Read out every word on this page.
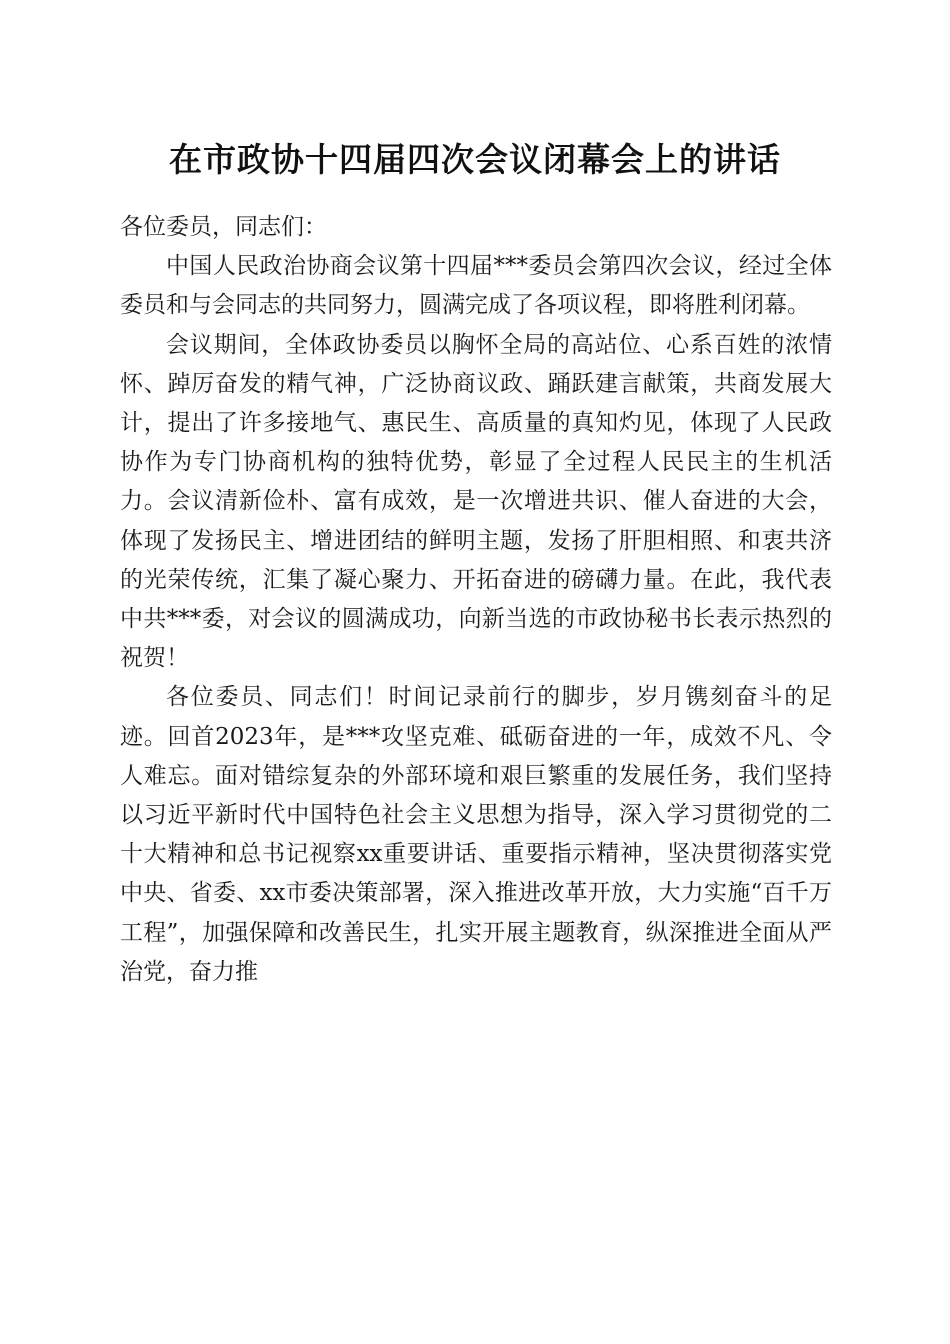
在市政协十四届四次会议闭幕会上的讲话

各位委员，同志们：

中国人民政治协商会议第十四届***委员会第四次会议，经过全体委员和与会同志的共同努力，圆满完成了各项议程，即将胜利闭幕。

会议期间，全体政协委员以胸怀全局的高站位、心系百姓的浓情怀、踔厉奋发的精气神，广泛协商议政、踊跃建言献策，共商发展大计，提出了许多接地气、惠民生、高质量的真知灼见，体现了人民政协作为专门协商机构的独特优势，彰显了全过程人民民主的生机活力。会议清新俭朴、富有成效，是一次增进共识、催人奋进的大会，体现了发扬民主、增进团结的鲜明主题，发扬了肝胆相照、和衷共济的光荣传统，汇集了凝心聚力、开拓奋进的磅礴力量。在此，我代表中共***委，对会议的圆满成功，向新当选的市政协秘书长表示热烈的祝贺！

各位委员、同志们！时间记录前行的脚步，岁月镌刻奋斗的足迹。回首2023年，是***攻坚克难、砥砺奋进的一年，成效不凡、令人难忘。面对错综复杂的外部环境和艰巨繁重的发展任务，我们坚持以习近平新时代中国特色社会主义思想为指导，深入学习贯彻党的二十大精神和总书记视察xx重要讲话、重要指示精神，坚决贯彻落实党中央、省委、xx市委决策部署，深入推进改革开放，大力实施“百千万工程”，加强保障和改善民生，扎实开展主题教育，纵深推进全面从严治党，奋力推
